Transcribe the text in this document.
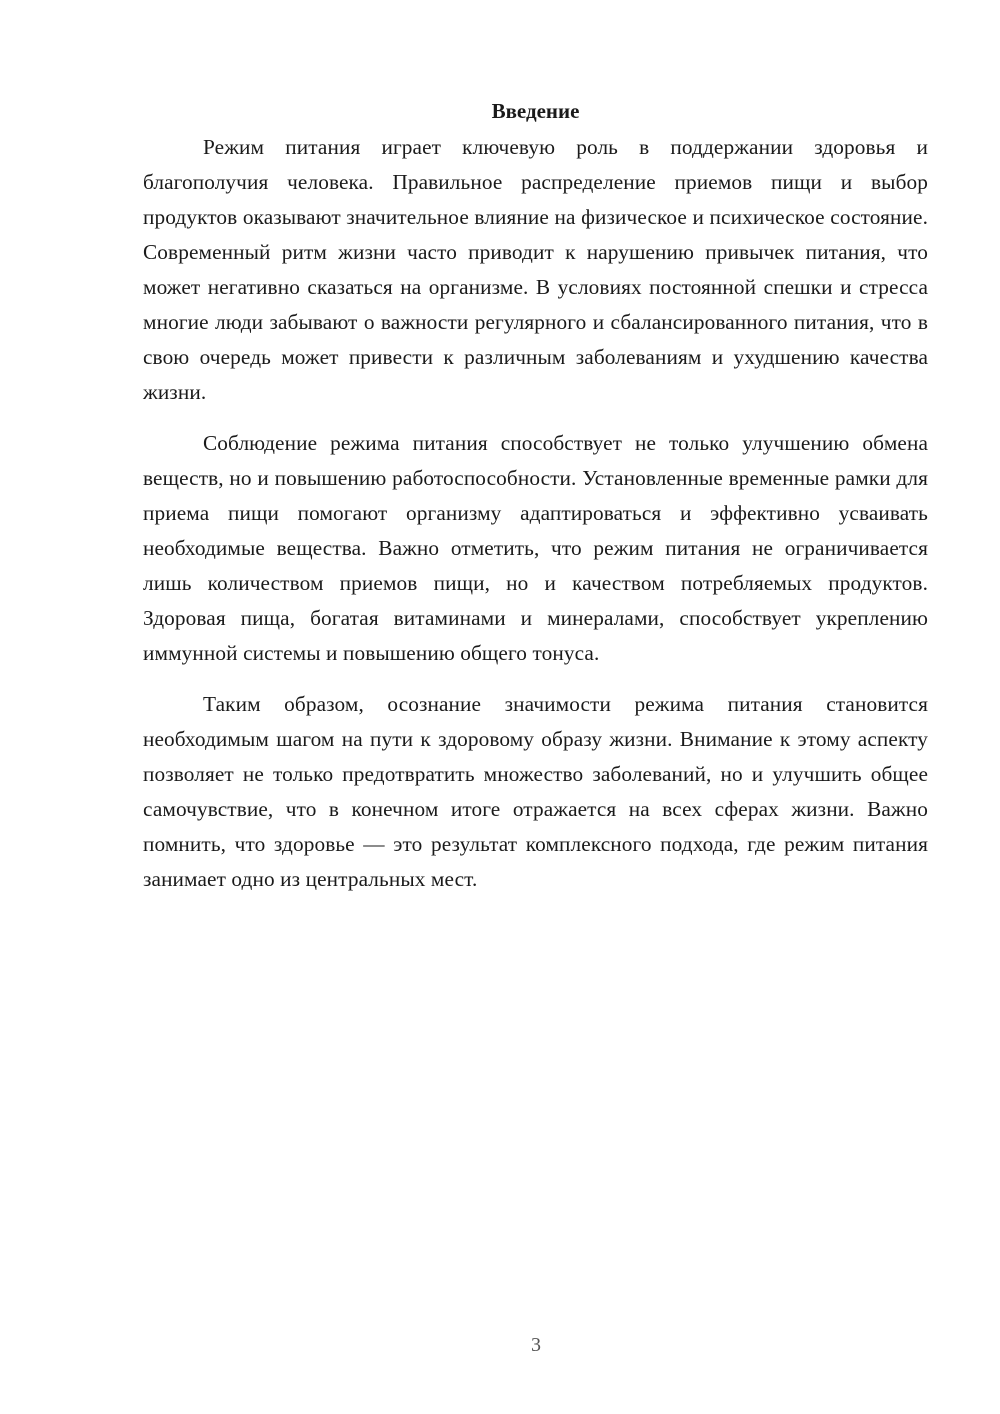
Введение

Режим питания играет ключевую роль в поддержании здоровья и благополучия человека. Правильное распределение приемов пищи и выбор продуктов оказывают значительное влияние на физическое и психическое состояние. Современный ритм жизни часто приводит к нарушению привычек питания, что может негативно сказаться на организме. В условиях постоянной спешки и стресса многие люди забывают о важности регулярного и сбалансированного питания, что в свою очередь может привести к различным заболеваниям и ухудшению качества жизни.

Соблюдение режима питания способствует не только улучшению обмена веществ, но и повышению работоспособности. Установленные временные рамки для приема пищи помогают организму адаптироваться и эффективно усваивать необходимые вещества. Важно отметить, что режим питания не ограничивается лишь количеством приемов пищи, но и качеством потребляемых продуктов. Здоровая пища, богатая витаминами и минералами, способствует укреплению иммунной системы и повышению общего тонуса.

Таким образом, осознание значимости режима питания становится необходимым шагом на пути к здоровому образу жизни. Внимание к этому аспекту позволяет не только предотвратить множество заболеваний, но и улучшить общее самочувствие, что в конечном итоге отражается на всех сферах жизни. Важно помнить, что здоровье — это результат комплексного подхода, где режим питания занимает одно из центральных мест.

3
